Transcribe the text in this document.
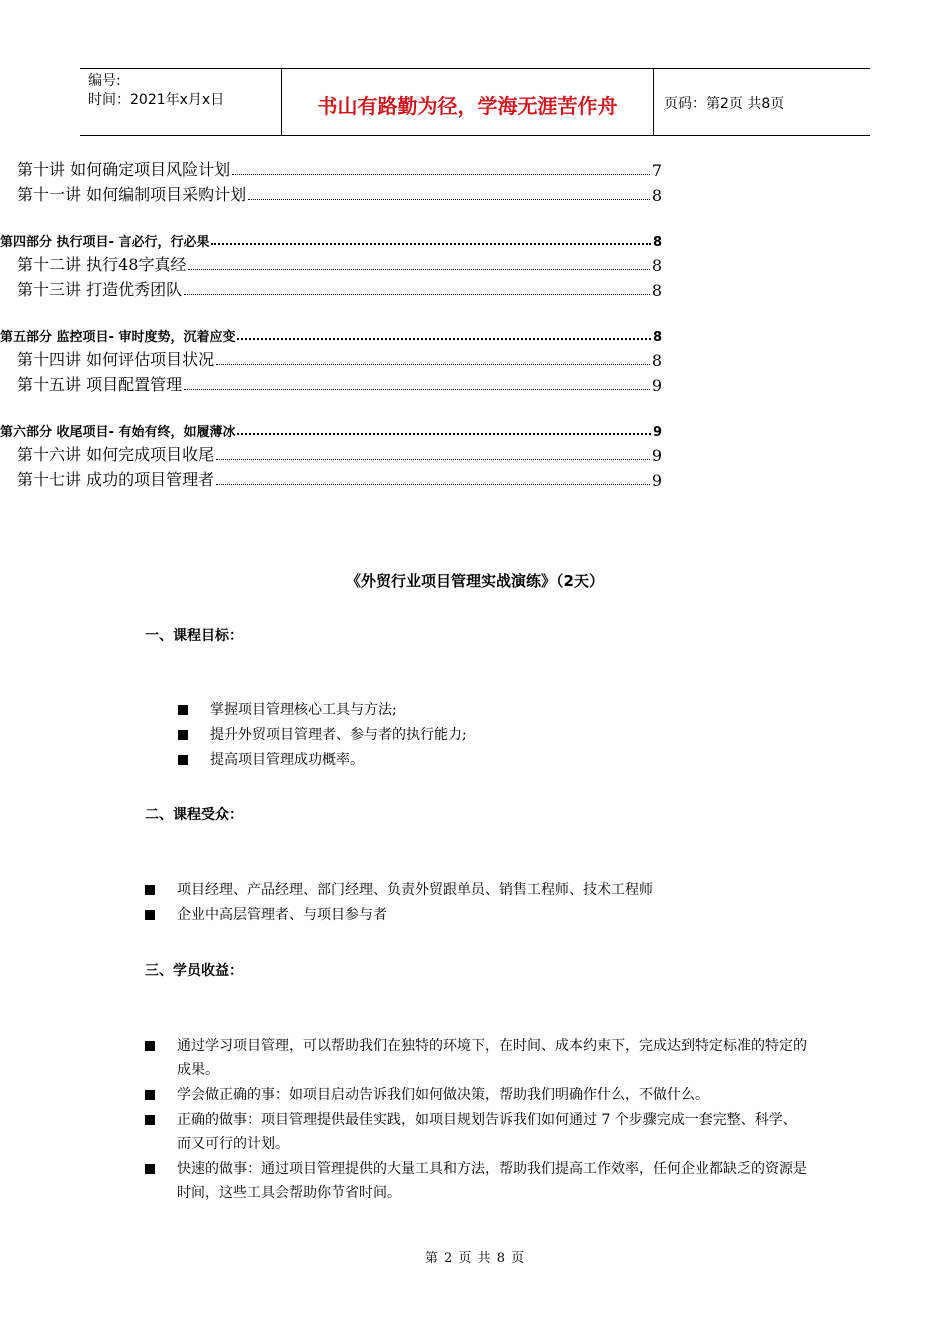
编号:
时间：2021年x月x日	书山有路勤为径，学海无涯苦作舟	页码：第2页 共8页
第十讲 如何确定项目风险计划	7
第十一讲 如何编制项目采购计划	8
第四部分 执行项目- 言必行，行必果	8
第十二讲 执行48字真经	8
第十三讲 打造优秀团队	8
第五部分 监控项目- 审时度势，沉着应变	8
第十四讲 如何评估项目状况	8
第十五讲 项目配置管理	9
第六部分 收尾项目- 有始有终，如履薄冰	9
第十六讲 如何完成项目收尾	9
第十七讲 成功的项目管理者	9
《外贸行业项目管理实战演练》（2天）
一、课程目标：
掌握项目管理核心工具与方法;
提升外贸项目管理者、参与者的执行能力;
提高项目管理成功概率。
二、课程受众：
项目经理、产品经理、部门经理、负责外贸跟单员、销售工程师、技术工程师
企业中高层管理者、与项目参与者
三、学员收益：
通过学习项目管理，可以帮助我们在独特的环境下，在时间、成本约束下，完成达到特定标准的特定的成果。
学会做正确的事：如项目启动告诉我们如何做决策，帮助我们明确作什么，不做什么。
正确的做事：项目管理提供最佳实践，如项目规划告诉我们如何通过 7 个步骤完成一套完整、科学、而又可行的计划。
快速的做事：通过项目管理提供的大量工具和方法，帮助我们提高工作效率，任何企业都缺乏的资源是时间，这些工具会帮助你节省时间。
第 2 页 共 8 页
